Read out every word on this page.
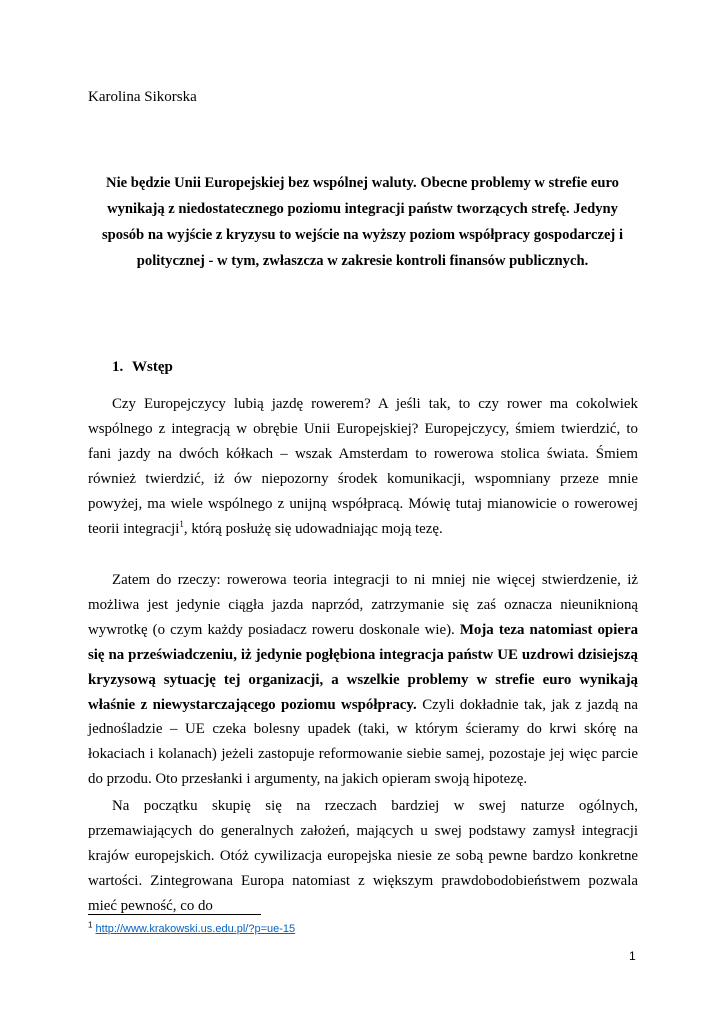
Karolina Sikorska

Nie będzie Unii Europejskiej bez wspólnej waluty. Obecne problemy w strefie euro wynikają z niedostatecznego poziomu integracji państw tworzących strefę. Jedyny sposób na wyjście z kryzysu to wejście na wyższy poziom współpracy gospodarczej i politycznej - w tym, zwłaszcza w zakresie kontroli finansów publicznych.

1. Wstęp

Czy Europejczycy lubią jazdę rowerem? A jeśli tak, to czy rower ma cokolwiek wspólnego z integracją w obrębie Unii Europejskiej? Europejczycy, śmiem twierdzić, to fani jazdy na dwóch kółkach – wszak Amsterdam to rowerowa stolica świata. Śmiem również twierdzić, iż ów niepozorny środek komunikacji, wspomniany przeze mnie powyżej, ma wiele wspólnego z unijną współpracą. Mówię tutaj mianowicie o rowerowej teorii integracji$^1$, którą posłużę się udowadniając moją tezę.

Zatem do rzeczy: rowerowa teoria integracji to ni mniej nie więcej stwierdzenie, iż możliwa jest jedynie ciągła jazda naprzód, zatrzymanie się zaś oznacza nieuniknioną wywrotkę (o czym każdy posiadacz roweru doskonale wie). Moja teza natomiast opiera się na przeświadczeniu, iż jedynie pogłębiona integracja państw UE uzdrowi dzisiejszą kryzysową sytuację tej organizacji, a wszelkie problemy w strefie euro wynikają właśnie z niewystarczającego poziomu współpracy. Czyli dokładnie tak, jak z jazdą na jednośladzie – UE czeka bolesny upadek (taki, w którym ścieramy do krwi skórę na łokaciach i kolanach) jeżeli zastopuje reformowanie siebie samej, pozostaje jej więc parcie do przodu. Oto przesłanki i argumenty, na jakich opieram swoją hipotezę.

Na początku skupię się na rzeczach bardziej w swej naturze ogólnych, przemawiających do generalnych założeń, mających u swej podstawy zamysł integracji krajów europejskich. Otóż cywilizacja europejska niesie ze sobą pewne bardzo konkretne wartości. Zintegrowana Europa natomiast z większym prawdobodobieństwem pozwala mieć pewność, co do

$^1$ http://www.krakowski.us.edu.pl/?p=ue-15

1
